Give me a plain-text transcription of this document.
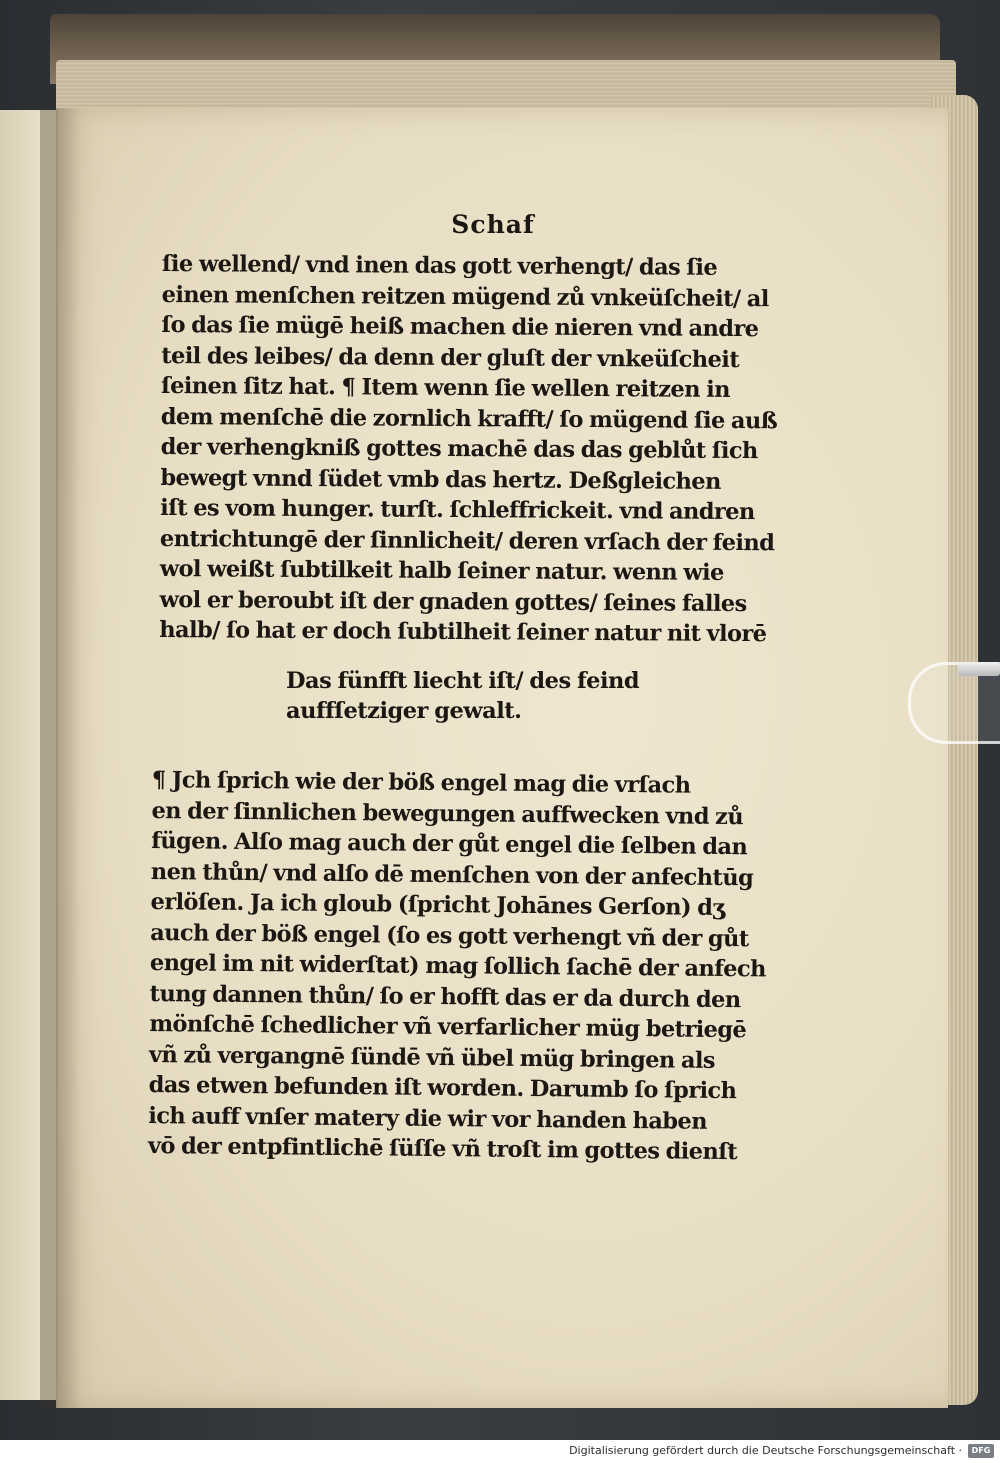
Schaf
ſie wellend/ vnd inen das gott verhengt/ das ſie
einen menſchen reitzen mügend zů vnkeüſcheit/ al
ſo das ſie mügē heiß machen die nieren vnd andre
teil des leibes/ da denn der gluſt der vnkeüſcheit
ſeinen ſitz hat. ¶ Item wenn ſie wellen reitzen in
dem menſchē die zornlich krafft/ ſo mügend ſie auß
der verhengkniß gottes machē das das geblůt ſich
bewegt vnnd ſüdet vmb das hertz. Deßgleichen
iſt es vom hunger. turſt. ſchleffrickeit. vnd andren
entrichtungē der ſinnlicheit/ deren vrſach der feind
wol weißt ſubtilkeit halb ſeiner natur. wenn wie
wol er beroubt iſt der gnaden gottes/ ſeines falles
halb/ ſo hat er doch ſubtilheit ſeiner natur nit vlorē
Das fünfft liecht iſt/ des feind
auffſetziger gewalt.
¶ Jch ſprich wie der böß engel mag die vrſach
en der ſinnlichen bewegungen auffwecken vnd zů
fügen. Alſo mag auch der gůt engel die ſelben dan
nen thůn/ vnd alſo dē menſchen von der anfechtūg
erlöſen. Ja ich gloub (ſpricht Johānes Gerſon) dʒ
auch der böß engel (ſo es gott verhengt vñ der gůt
engel im nit widerſtat) mag ſollich ſachē der anfech
tung dannen thůn/ ſo er hofft das er da durch den
mönſchē ſchedlicher vñ verfarlicher müg betriegē
vñ zů vergangnē ſündē vñ übel müg bringen als
das etwen befunden iſt worden. Darumb ſo ſprich
ich auff vnſer matery die wir vor handen haben
vō der entpfintlichē ſüſſe vñ troſt im gottes dienſt
Digitalisierung gefördert durch die Deutsche Forschungsgemeinschaft ·	DFG
